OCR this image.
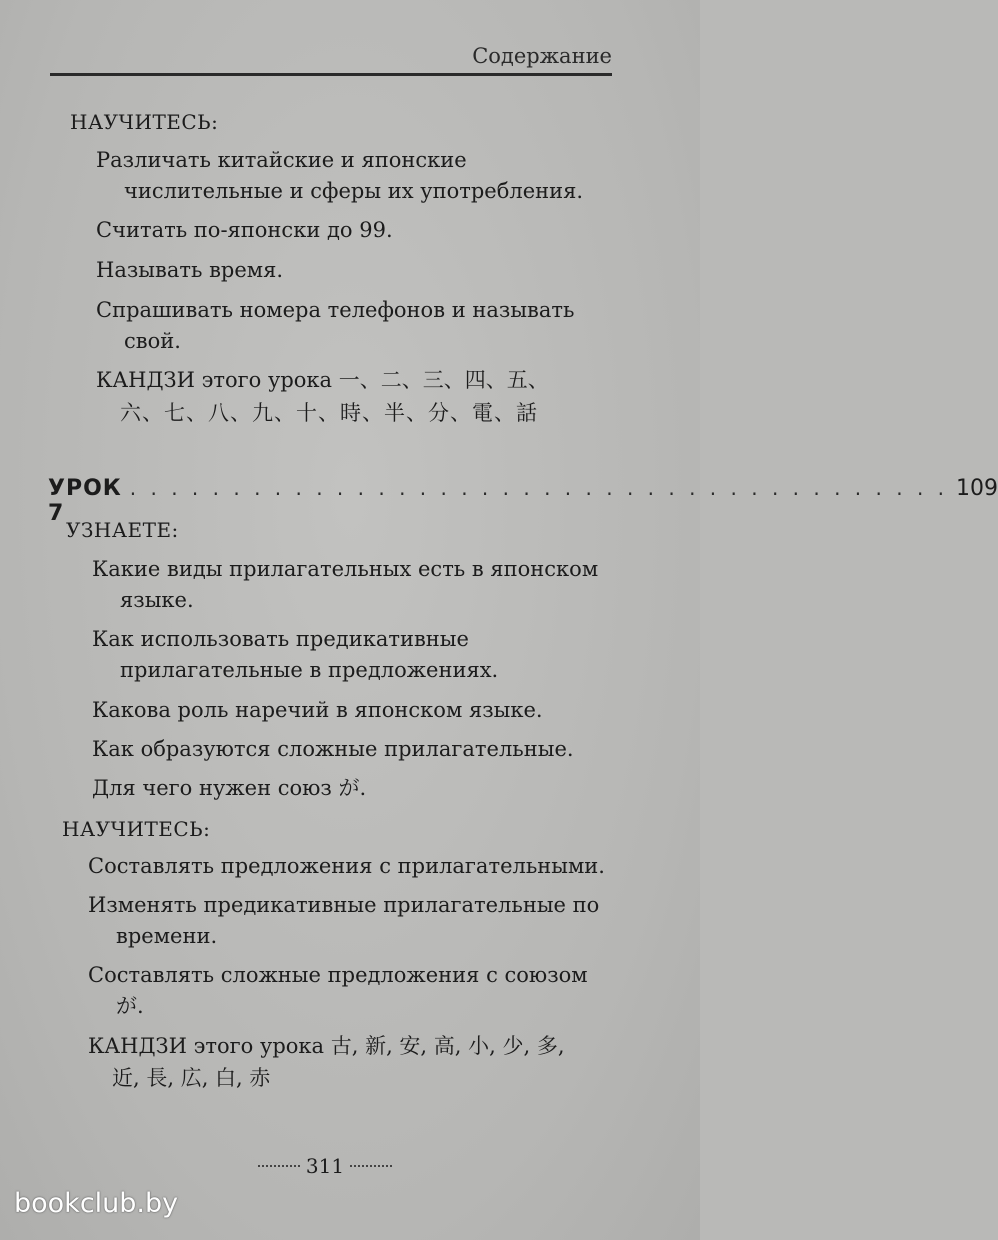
Содержание
НАУЧИТЕСЬ:
Различать китайские и японские
числительные и сферы их употребления.
Считать по-японски до 99.
Называть время.
Спрашивать номера телефонов и называть
свой.
КАНДЗИ этого урока 一、二、三、四、五、
六、七、八、九、十、時、半、分、電、話
УРОК 7
. . . . . . . . . . . . . . . . . . . . . . . . . . . . . . . . . . . . . . . . 109
УЗНАЕТЕ:
Какие виды прилагательных есть в японском
языке.
Как использовать предикативные
прилагательные в предложениях.
Какова роль наречий в японском языке.
Как образуются сложные прилагательные.
Для чего нужен союз が.
НАУЧИТЕСЬ:
Составлять предложения с прилагательными.
Изменять предикативные прилагательные по
времени.
Составлять сложные предложения с союзом
が.
КАНДЗИ этого урока 古, 新, 安, 高, 小, 少, 多,
近, 長, 広, 白, 赤
311
bookclub.by
